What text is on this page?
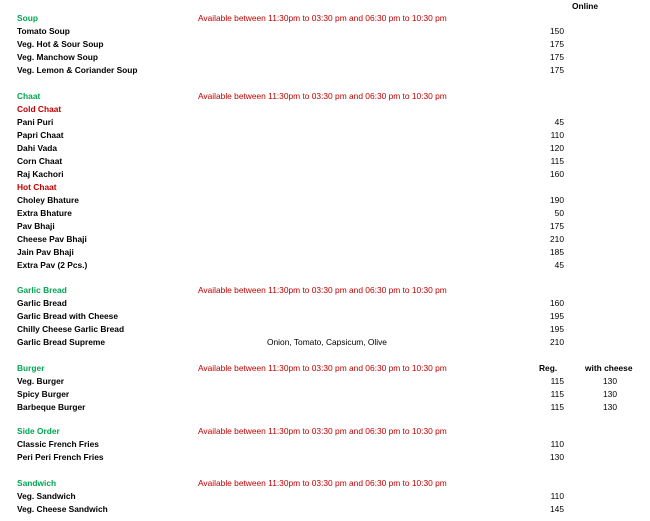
Online
Soup	Available between 11:30pm to 03:30 pm and 06:30 pm to 10:30 pm
Tomato Soup	150
Veg. Hot & Sour Soup	175
Veg. Manchow Soup	175
Veg. Lemon & Coriander Soup	175
Chaat	Available between 11:30pm to 03:30 pm and 06:30 pm to 10:30 pm
Cold Chaat
Pani Puri	45
Papri Chaat	110
Dahi Vada	120
Corn Chaat	115
Raj Kachori	160
Hot Chaat
Choley Bhature	190
Extra Bhature	50
Pav Bhaji	175
Cheese Pav Bhaji	210
Jain Pav Bhaji	185
Extra Pav (2 Pcs.)	45
Garlic Bread	Available between 11:30pm to 03:30 pm and 06:30 pm to 10:30 pm
Garlic Bread	160
Garlic Bread with Cheese	195
Chilly Cheese Garlic Bread	195
Garlic Bread Supreme	Onion, Tomato, Capsicum, Olive	210
Burger	Available between 11:30pm to 03:30 pm and 06:30 pm to 10:30 pm	Reg.	with cheese
Veg. Burger	115	130
Spicy Burger	115	130
Barbeque Burger	115	130
Side Order	Available between 11:30pm to 03:30 pm and 06:30 pm to 10:30 pm
Classic French Fries	110
Peri Peri French Fries	130
Sandwich	Available between 11:30pm to 03:30 pm and 06:30 pm to 10:30 pm
Veg. Sandwich	110
Veg. Cheese Sandwich	145
